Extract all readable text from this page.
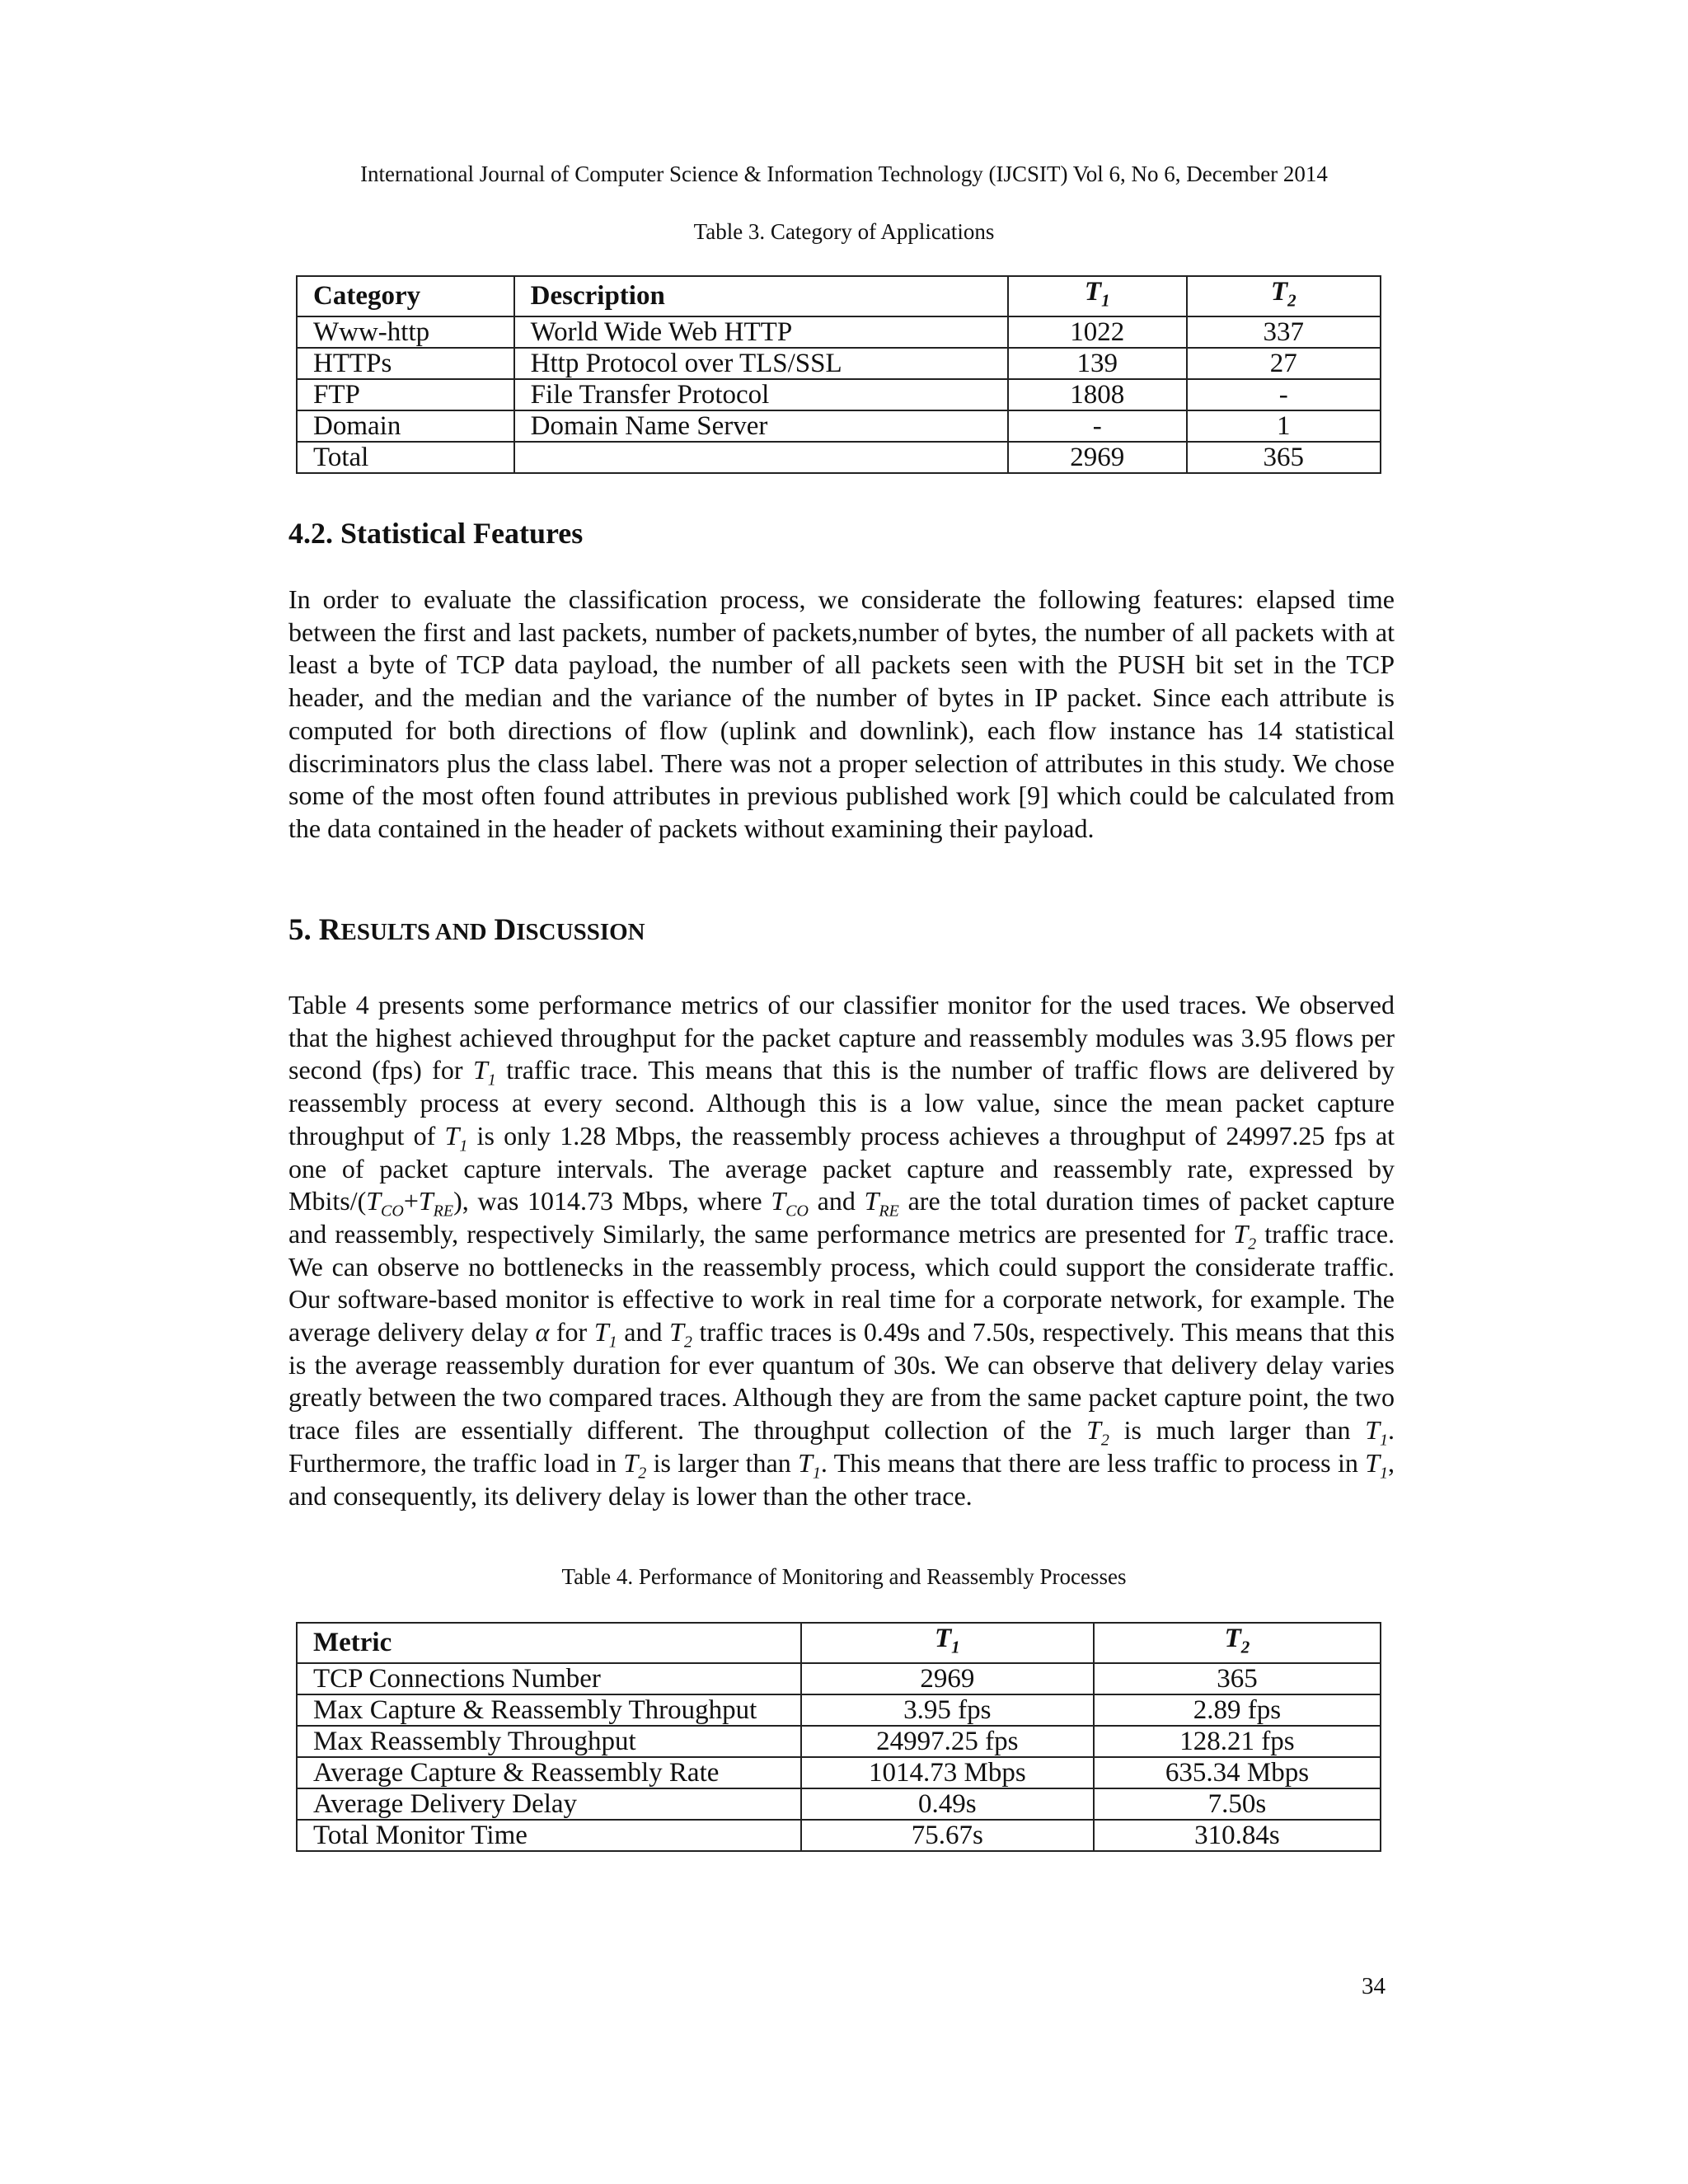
International Journal of Computer Science & Information Technology (IJCSIT) Vol 6, No 6, December 2014
Table 3. Category of Applications
Category	Description	$T_1$	$T_2$
Www-http	World Wide Web HTTP	1022	337
HTTPs	Http Protocol over TLS/SSL	139	27
FTP	File Transfer Protocol	1808	-
Domain	Domain Name Server	-	1
Total		2969	365
4.2. Statistical Features
In order to evaluate the classification process, we considerate the following features: elapsed time between the first and last packets, number of packets,number of bytes, the number of all packets with at least a byte of TCP data payload, the number of all packets seen with the PUSH bit set in the TCP header, and the median and the variance of the number of bytes in IP packet. Since each attribute is computed for both directions of flow (uplink and downlink), each flow instance has 14 statistical discriminators plus the class label. There was not a proper selection of attributes in this study. We chose some of the most often found attributes in previous published work [9] which could be calculated from the data contained in the header of packets without examining their payload.
5. RESULTS AND DISCUSSION
Table 4 presents some performance metrics of our classifier monitor for the used traces. We observed that the highest achieved throughput for the packet capture and reassembly modules was 3.95 flows per second (fps) for $T_1$ traffic trace. This means that this is the number of traffic flows are delivered by reassembly process at every second. Although this is a low value, since the mean packet capture throughput of $T_1$ is only 1.28 Mbps, the reassembly process achieves a throughput of 24997.25 fps at one of packet capture intervals. The average packet capture and reassembly rate, expressed by Mbits/$(T_{CO}+T_{RE})$, was 1014.73 Mbps, where $T_{CO}$ and $T_{RE}$ are the total duration times of packet capture and reassembly, respectively Similarly, the same performance metrics are presented for $T_2$ traffic trace. We can observe no bottlenecks in the reassembly process, which could support the considerate traffic. Our software-based monitor is effective to work in real time for a corporate network, for example. The average delivery delay α for $T_1$ and $T_2$ traffic traces is 0.49s and 7.50s, respectively. This means that this is the average reassembly duration for ever quantum of 30s. We can observe that delivery delay varies greatly between the two compared traces. Although they are from the same packet capture point, the two trace files are essentially different. The throughput collection of the $T_2$ is much larger than $T_1$. Furthermore, the traffic load in $T_2$ is larger than $T_1$. This means that there are less traffic to process in $T_1$, and consequently, its delivery delay is lower than the other trace.
Table 4. Performance of Monitoring and Reassembly Processes
Metric	$T_1$	$T_2$
TCP Connections Number	2969	365
Max Capture & Reassembly Throughput	3.95 fps	2.89 fps
Max Reassembly Throughput	24997.25 fps	128.21 fps
Average Capture & Reassembly Rate	1014.73 Mbps	635.34 Mbps
Average Delivery Delay	0.49s	7.50s
Total Monitor Time	75.67s	310.84s
34
